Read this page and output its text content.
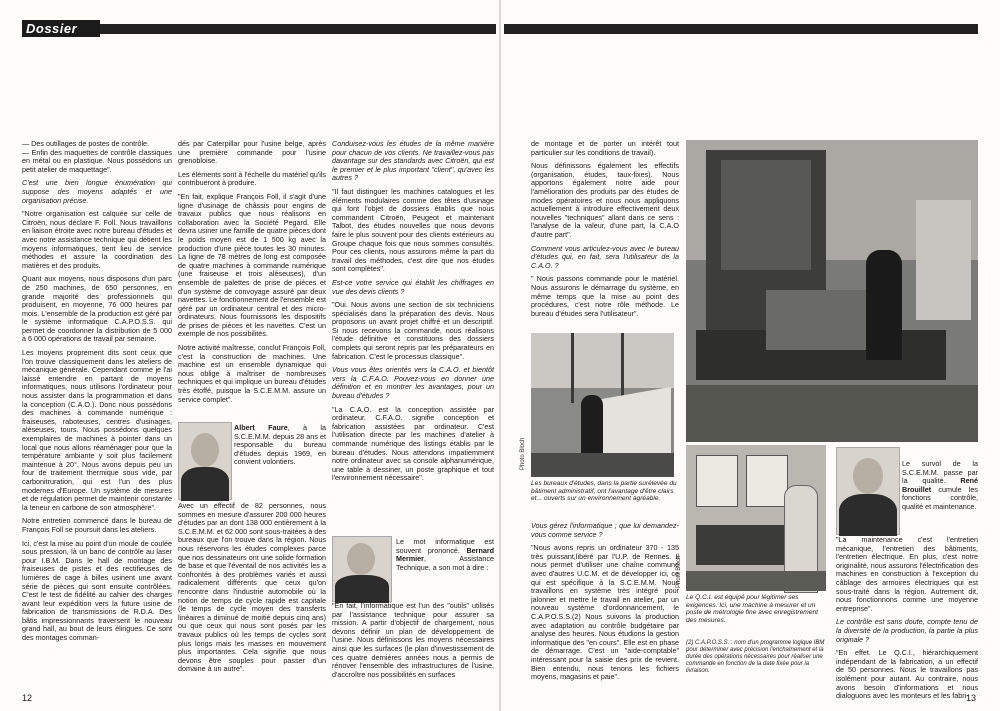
Dossier

— Des outillages de postes de contrôle.
— Enfin des maquettes de contrôle classiques en métal ou en plastique. Nous possédons un petit atelier de maquettage".

C'est une bien longue énumération qui suppose des moyens adaptés et une organisation précise.

"Notre organisation est calquée sur celle de Citroën, nous déclare F. Foll. Nous travaillons en liaison étroite avec notre bureau d'études et avec notre assistance technique qui détient les moyens informatiques, tient lieu de service méthodes et assure la coordination des matières et des produits.

Quant aux moyens, nous disposons d'un parc de 250 machines, de 650 personnes, en grande majorité des professionnels qui produisent, en moyenne, 76 000 heures par mois. L'ensemble de la production est géré par le système informatique C.A.P.O.S.S. qui permet de coordonner la distribution de 5 000 à 6 000 opérations de travail par semaine.

Les moyens proprement dits sont ceux que l'on trouve classiquement dans les ateliers de mécanique générale. Cependant comme je l'ai laissé entendre en partant de moyens informatiques, nous utilisons l'ordinateur pour nous assister dans la programmation et dans la conception (C.A.O.). Donc nous possédons des machines à commande numérique : fraiseuses, raboteuses, centres d'usinages, aléseuses, tours. Nous possédons quelques exemplaires de machines à pointer dans un local que nous allons réaménager pour que la température ambiante y soit plus facilement maintenue à 20°. Nous avons depuis peu un four de traitement thermique sous vide, par carbonitruration, qui est l'un des plus modernes d'Europe. Un système de mesures et de régulation permet de maintenir constante la teneur en carbone de son atmosphère".

Notre entretien commencé dans le bureau de François Foll se poursuit dans les ateliers.

Ici, c'est la mise au point d'un moule de coulée sous pression, là un banc de contrôle au laser pour I.B.M. Dans le hall de montage des fraiseuses de pistes et des rectifieuses de lumières de cage à billes usinent une avant série de pièces qui sont ensuite contrôlées. C'est le test de fidélité au cahier des charges avant leur expédition vers la future usine de fabrication de transmissions de R.D.A. Des bâtis impressionnants traversent le nouveau grand hall, au bout de leurs élingues. Ce sont des montages comman-

dés par Caterpillar pour l'usine belge, après une première commande pour l'usine grenobloise.

Les éléments sont à l'échelle du matériel qu'ils contribueront à produire.

"En fait, explique François Foll, il s'agit d'une ligne d'usinage de châssis pour engins de travaux publics que nous réalisons en collaboration avec la Société Pegard. Elle devra usiner une famille de quatre pièces dont le poids moyen est de 1 500 kg avec la production d'une pièce toutes les 30 minutes. La ligne de 78 mètres de long est composée de quatre machines à commande numérique (une fraiseuse et trois aléseuses), d'un ensemble de palettes de prise de pièces et d'un système de convoyage assuré par deux navettes. Le fonctionnement de l'ensemble est géré par un ordinateur central et des micro-ordinateurs. Nous fournissons les dispositifs de prises de pièces et les navettes. C'est un exemple de nos possibilités.

Notre activité maîtresse, conclut François Foll, c'est la construction de machines. Une machine est un ensemble dynamique qui nous oblige à maîtriser de nombreuses techniques et qui implique un bureau d'études très étoffé, puisque la S.C.E.M.M. assure un service complet".

Albert Faure, à la S.C.E.M.M. depuis 28 ans et responsable du bureau d'études depuis 1969, en convient volontiers.

Avec un effectif de 82 personnes, nous sommes en mesure d'assurer 200 000 heures d'études par an dont 138 000 entièrement à la S.C.E.M.M. et 62 000 sont sous-traitées à des bureaux que l'on trouve dans la région. Nous nous réservons les études complexes parce que nos dessinateurs ont une solide formation de base et que l'éventail de nos activités les a confrontés à des problèmes variés et aussi radicalement différents que ceux qu'on rencontre dans l'industrie automobile où la notion de temps de cycle rapide est capitale (le temps de cycle moyen des transferts linéaires a diminué de moitié depuis cinq ans) ou que ceux qui nous sont posés par les travaux publics où les temps de cycles sont plus longs mais les masses en mouvement plus importantes. Cela signifie que nous devons être souples pour passer d'un domaine à un autre".

Conduisez-vous les études de la même manière pour chacun de vos clients. Ne travaillez-vous pas davantage sur des standards avec Citroën, qui est le premier et le plus important "client", qu'avec les autres ?

"Il faut distinguer les machines catalogues et les éléments modulaires comme des têtes d'usinage qui font l'objet de dossiers établis que nous commandent Citroën, Peugeot et maintenant Talbot, des études nouvelles que nous devons faire le plus souvent pour des clients extérieurs au Groupe chaque fois que nous sommes consultés. Pour ces clients, nous assurons même la part du travail des méthodes, c'est dire que nos études sont complètes".

Est-ce votre service qui établit les chiffrages en vue des devis clients ?

"Oui. Nous avons une section de six techniciens spécialisés dans la préparation des devis. Nous proposons un avant projet chiffré et un descriptif. Si nous recevons la commande, nous réalisons l'étude définitive et constituons des dossiers complets qui seront repris par les préparateurs en fabrication. C'est le processus classique".

Vous vous êtes orientés vers la C.A.O. et bientôt vers la C.F.A.O. Pouvez-vous en donner une définition et en montrer les avantages, pour un bureau d'études ?

"La C.A.O. est la conception assistée par ordinateur. C.F.A.O. signifie conception et fabrication assistées par ordinateur. C'est l'utilisation directe par les machines d'atelier à commande numérique des listings établis par le bureau d'études. Nous attendons impatiemment notre ordinateur avec sa console alphanumérique, une table à dessiner, un poste graphique et tout l'environnement nécessaire".

Le mot informatique est souvent prononcé. Bernard Mermier, Assistance Technique, a son mot à dire :

"En fait, l'informatique est l'un des "outils" utilisés par l'assistance technique pour assurer sa mission. A partir d'objectif de chargement, nous devons définir un plan de développement de l'usine. Nous définissons les moyens nécessaires ainsi que les surfaces (le plan d'investissement de ces quatre dernières années nous a permis de rénover l'ensemble des infrastructures de l'usine, d'accroître nos possibilités en surfaces

12

de montage et de porter un intérêt tout particulier sur les conditions de travail).

Nous définissons également les effectifs (organisation, études, taux-fixes). Nous apportons également notre aide pour l'amélioration des produits par des études de modes opératoires et nous nous appliquons actuellement à introduire effectivement deux nouvelles "techniques" allant dans ce sens : l'analyse de la valeur, d'une part, la C.A.O d'autre part".

Comment vous articulez-vous avec le bureau d'études qui, en fait, sera l'utilisateur de la C.A.O. ?

" Nous passons commande pour le matériel. Nous assurons le démarrage du système, en même temps que la mise au point des procédures, c'est notre rôle méthode. Le bureau d'études sera l'utilisateur".

Photo Bloch
Les bureaux d'études, dans la partie surélevée du bâtiment administratif, ont l'avantage d'être clairs et... ouverts sur un environnement agréable.
Photo Bloch
Le Q.C.I. est équipé pour légitimer ses exigences. Ici, une machine à mesurer et un poste de métrologie fine avec enregistrement des mesures.

Le survol de la S.C.E.M.M. passe par la qualité. René Brouillet cumule les fonctions contrôle, qualité et maintenance.

"La maintenance c'est l'entretien mécanique, l'entretien des bâtiments, l'entretien électrique. En plus, c'est notre originalité, nous assurons l'électrification des machines en construction à l'exception du câblage des armoires électriques qui est sous-traité dans la région. Autrement dit, nous fonctionnons comme une moyenne entreprise".

Le contrôle est sans doute, compte tenu de la diversité de la production, la partie la plus originale ?

"En effet. Le Q.C.I., hiérarchiquement indépendant de la fabrication, a un effectif de 50 personnes. Nous le travaillons pas isolément pour autant. Au contraire, nous avons besoin d'informations et nous dialoguons avec les monteurs et les fabri-

Vous gérez l'informatique ; que lui demandez-vous comme service ?

"Nous avons repris un ordinateur 370 - 135 très puissant,libéré par l'U.P. de Rennes. Il nous permet d'utiliser une chaîne commune avec d'autres U.C.M. et de développer ici, ce qui est spécifique à la S.C.E.M.M. Nous travaillons en système très intégré pour jalonner et mettre le travail en atelier, par un nouveau système d'ordonnancement, le C.A.P.O.S.S.(2) Nous suivons la production avec adaptation au contrôle budgétaire par analyse des heures. Nous étudions la gestion informatique des "en cours". Elle est en phase de démarrage. C'est un "aide-comptable" intéressant pour la saisie des prix de revient. Bien entendu, nous tenons les fichiers moyens, magasins et paie".

(2) C.A.P.O.S.S. : nom d'un programme logique IBM pour déterminer avec précision l'enchaînement et la durée des opérations nécessaires pour réaliser une commande en fonction de la date fixée pour la livraison.
13
